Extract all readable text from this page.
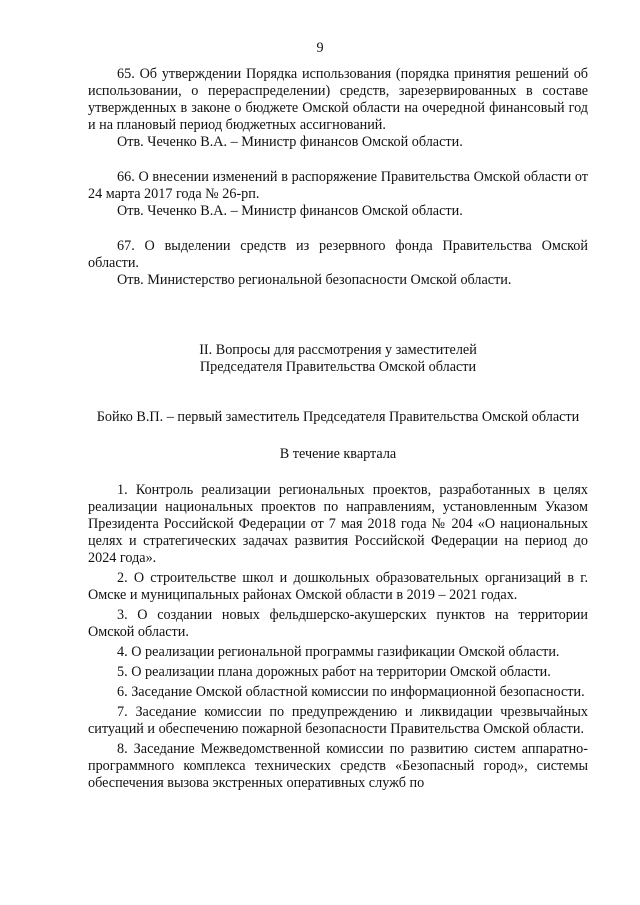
9

65. Об утверждении Порядка использования (порядка принятия решений об использовании, о перераспределении) средств, зарезервированных в составе утвержденных в законе о бюджете Омской области на очередной финансовый год и на плановый период бюджетных ассигнований.

Отв. Чеченко В.А. – Министр финансов Омской области.

66. О внесении изменений в распоряжение Правительства Омской области от 24 марта 2017 года № 26-рп.

Отв. Чеченко В.А. – Министр финансов Омской области.

67. О выделении средств из резервного фонда Правительства Омской области.

Отв. Министерство региональной безопасности Омской области.

II. Вопросы для рассмотрения у заместителей

Председателя Правительства Омской области

Бойко В.П. – первый заместитель Председателя Правительства Омской области

В течение квартала

1. Контроль реализации региональных проектов, разработанных в целях реализации национальных проектов по направлениям, установленным Указом Президента Российской Федерации от 7 мая 2018 года № 204 «О национальных целях и стратегических задачах развития Российской Федерации на период до 2024 года».

2. О строительстве школ и дошкольных образовательных организаций в г. Омске и муниципальных районах Омской области в 2019 – 2021 годах.

3. О создании новых фельдшерско-акушерских пунктов на территории Омской области.

4. О реализации региональной программы газификации Омской области.

5. О реализации плана дорожных работ на территории Омской области.

6. Заседание Омской областной комиссии по информационной безопасности.

7. Заседание комиссии по предупреждению и ликвидации чрезвычайных ситуаций и обеспечению пожарной безопасности Правительства Омской области.

8. Заседание Межведомственной комиссии по развитию систем аппаратно-программного комплекса технических средств «Безопасный город», системы обеспечения вызова экстренных оперативных служб по
